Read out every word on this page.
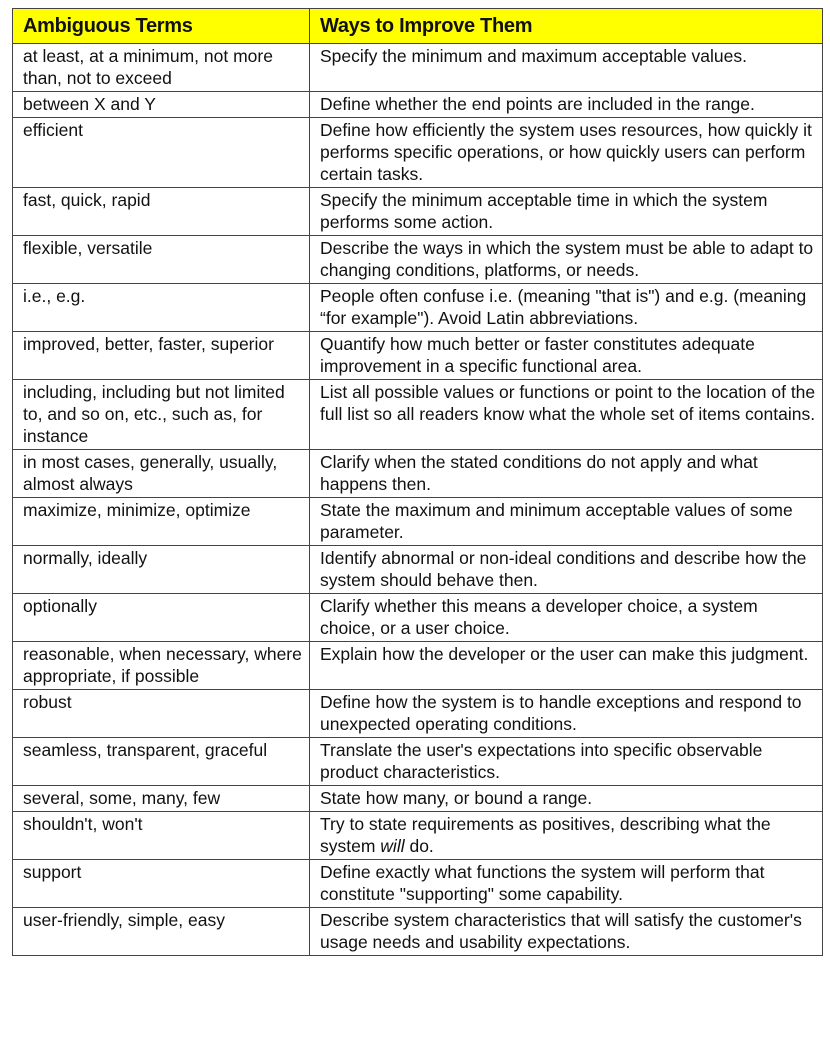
Ambiguous Terms	Ways to Improve Them
at least, at a minimum, not more than, not to exceed	Specify the minimum and maximum acceptable values.
between X and Y	Define whether the end points are included in the range.
efficient	Define how efficiently the system uses resources, how quickly it performs specific operations, or how quickly users can perform certain tasks.
fast, quick, rapid	Specify the minimum acceptable time in which the system performs some action.
flexible, versatile	Describe the ways in which the system must be able to adapt to changing conditions, platforms, or needs.
i.e., e.g.	People often confuse i.e. (meaning "that is") and e.g. (meaning “for example"). Avoid Latin abbreviations.
improved, better, faster, superior	Quantify how much better or faster constitutes adequate improvement in a specific functional area.
including, including but not limited to, and so on, etc., such as, for instance	List all possible values or functions or point to the location of the full list so all readers know what the whole set of items contains.
in most cases, generally, usually, almost always	Clarify when the stated conditions do not apply and what happens then.
maximize, minimize, optimize	State the maximum and minimum acceptable values of some parameter.
normally, ideally	Identify abnormal or non-ideal conditions and describe how the system should behave then.
optionally	Clarify whether this means a developer choice, a system choice, or a user choice.
reasonable, when necessary, where appropriate, if possible	Explain how the developer or the user can make this judgment.
robust	Define how the system is to handle exceptions and respond to unexpected operating conditions.
seamless, transparent, graceful	Translate the user's expectations into specific observable product characteristics.
several, some, many, few	State how many, or bound a range.
shouldn't, won't	Try to state requirements as positives, describing what the system will do.
support	Define exactly what functions the system will perform that constitute "supporting" some capability.
user-friendly, simple, easy	Describe system characteristics that will satisfy the customer's usage needs and usability expectations.
